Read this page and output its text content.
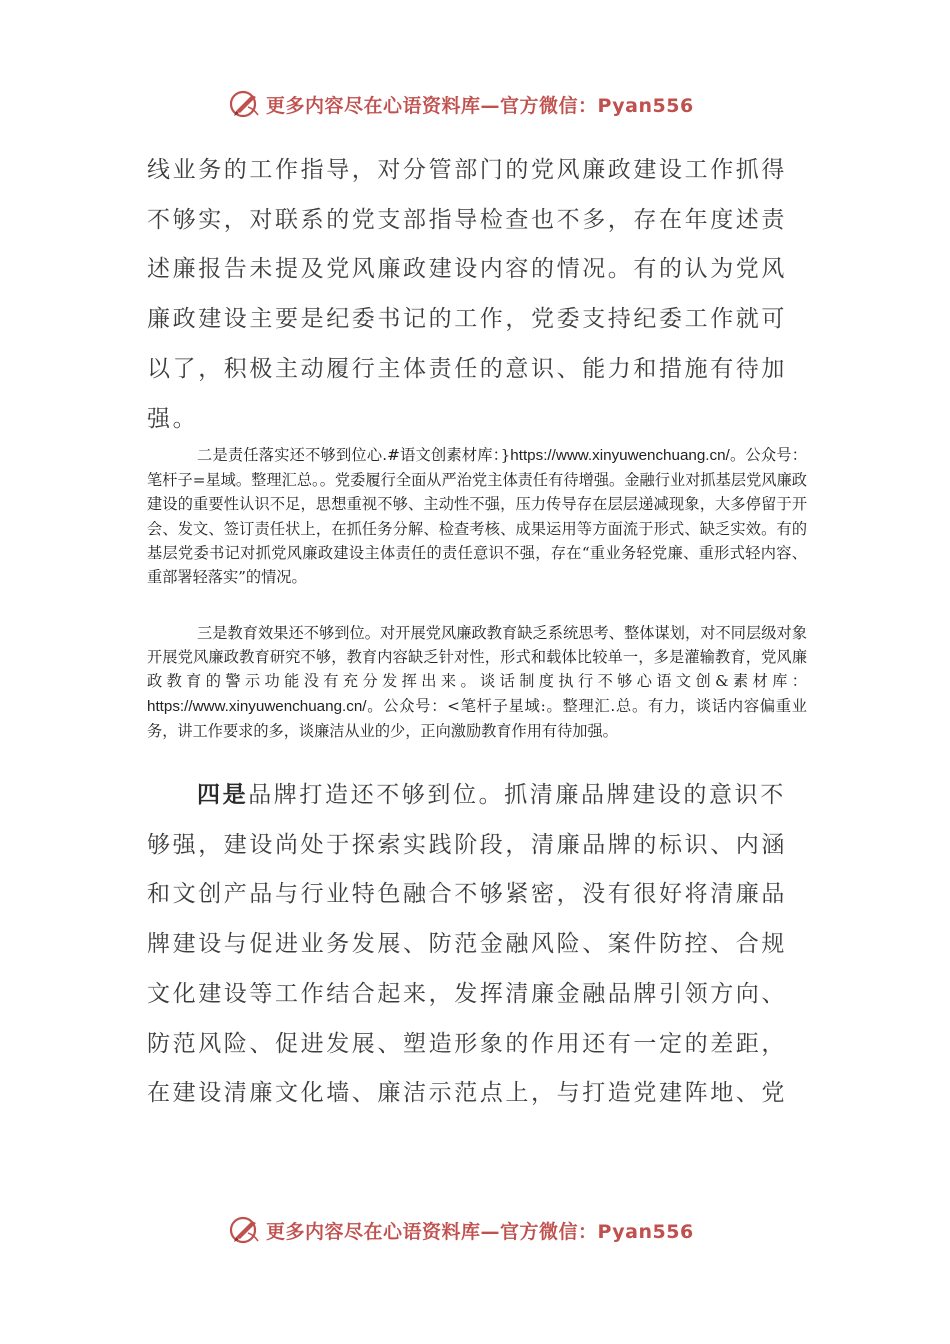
更多内容尽在心语资料库—官方微信：Pyan556

线业务的工作指导，对分管部门的党风廉政建设工作抓得不够实，对联系的党支部指导检查也不多，存在年度述责述廉报告未提及党风廉政建设内容的情况。有的认为党风廉政建设主要是纪委书记的工作，党委支持纪委工作就可以了，积极主动履行主体责任的意识、能力和措施有待加强。

二是责任落实还不够到位心.#语文创素材库：}https://www.xinyuwenchuang.cn/。公众号：笔杆子=星域。整理汇总。。党委履行全面从严治党主体责任有待增强。金融行业对抓基层党风廉政建设的重要性认识不足，思想重视不够、主动性不强，压力传导存在层层递减现象，大多停留于开会、发文、签订责任状上，在抓任务分解、检查考核、成果运用等方面流于形式、缺乏实效。有的基层党委书记对抓党风廉政建设主体责任的责任意识不强，存在“重业务轻党廉、重形式轻内容、重部署轻落实”的情况。

三是教育效果还不够到位。对开展党风廉政教育缺乏系统思考、整体谋划，对不同层级对象开展党风廉政教育研究不够，教育内容缺乏针对性，形式和载体比较单一，多是灌输教育，党风廉政教育的警示功能没有充分发挥出来。谈话制度执行不够心语文创&素材库：https://www.xinyuwenchuang.cn/。公众号：<笔杆子星域:。整理汇.总。有力，谈话内容偏重业务，讲工作要求的多，谈廉洁从业的少，正向激励教育作用有待加强。

四是品牌打造还不够到位。抓清廉品牌建设的意识不够强，建设尚处于探索实践阶段，清廉品牌的标识、内涵和文创产品与行业特色融合不够紧密，没有很好将清廉品牌建设与促进业务发展、防范金融风险、案件防控、合规文化建设等工作结合起来，发挥清廉金融品牌引领方向、防范风险、促进发展、塑造形象的作用还有一定的差距，在建设清廉文化墙、廉洁示范点上，与打造党建阵地、党

更多内容尽在心语资料库—官方微信：Pyan556
